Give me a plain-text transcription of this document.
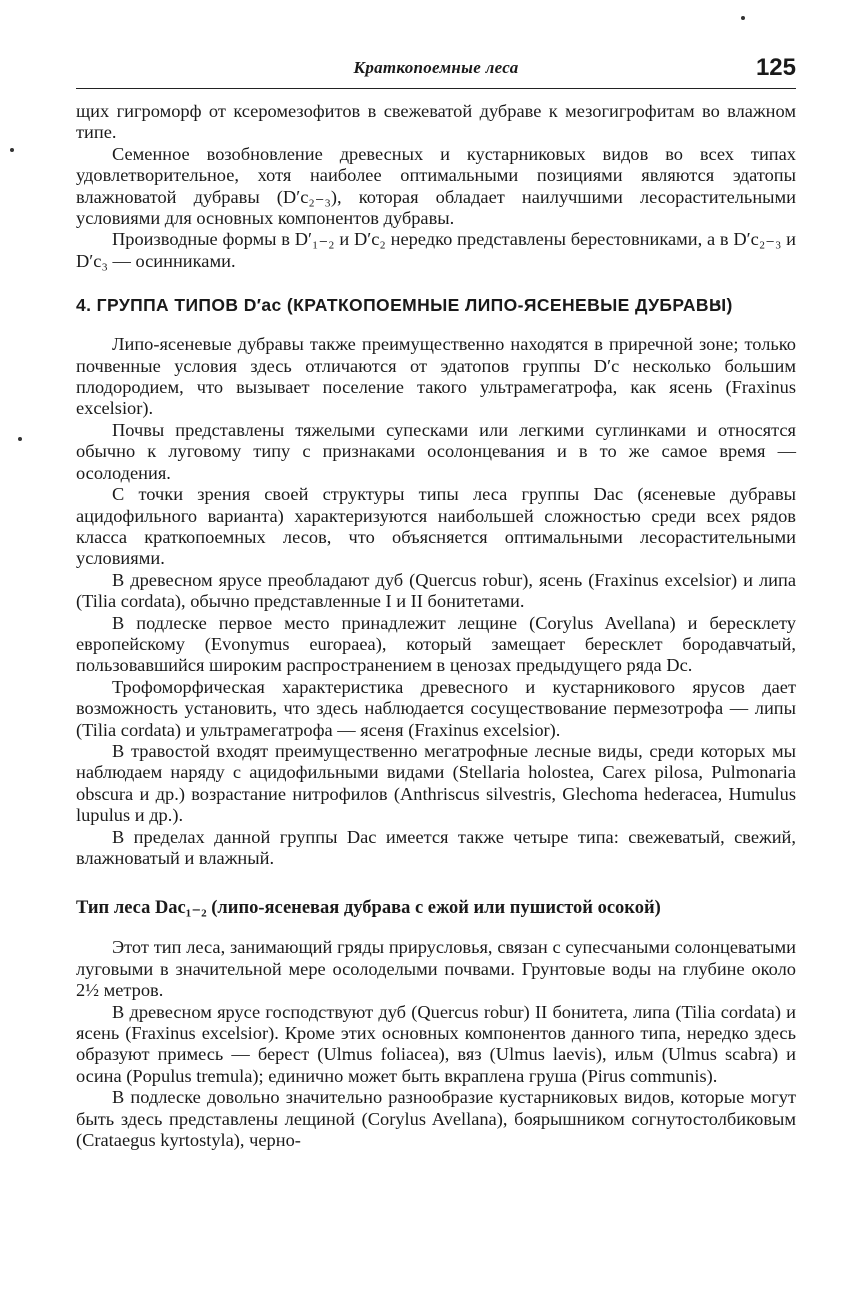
Краткопоемные леса	125

щих гигроморф от ксеромезофитов в свежеватой дубраве к мезогигрофитам во влажном типе.

Семенное возобновление древесных и кустарниковых видов во всех типах удовлетворительное, хотя наиболее оптимальными позициями являются эдатопы влажноватой дубравы (D′c₂₋₃), которая обладает наилучшими лесорастительными условиями для основных компонентов дубравы.

Производные формы в D′₁₋₂ и D′c₂ нередко представлены берестовниками, а в D′c₂₋₃ и D′c₃ — осинниками.

4. ГРУППА ТИПОВ D′ac (КРАТКОПОЕМНЫЕ ЛИПО-ЯСЕНЕВЫЕ ДУБРАВЫ)

Липо-ясеневые дубравы также преимущественно находятся в приречной зоне; только почвенные условия здесь отличаются от эдатопов группы D′c несколько большим плодородием, что вызывает поселение такого ультрамегатрофа, как ясень (Fraxinus excelsior).

Почвы представлены тяжелыми супесками или легкими суглинками и относятся обычно к луговому типу с признаками осолонцевания и в то же самое время — осолодения.

С точки зрения своей структуры типы леса группы Dac (ясеневые дубравы ацидофильного варианта) характеризуются наибольшей сложностью среди всех рядов класса краткопоемных лесов, что объясняется оптимальными лесорастительными условиями.

В древесном ярусе преобладают дуб (Quercus robur), ясень (Fraxinus excelsior) и липа (Tilia cordata), обычно представленные I и II бонитетами.

В подлеске первое место принадлежит лещине (Corylus Avellana) и бересклету европейскому (Evonymus europaea), который замещает бересклет бородавчатый, пользовавшийся широким распространением в ценозах предыдущего ряда Dc.

Трофоморфическая характеристика древесного и кустарникового ярусов дает возможность установить, что здесь наблюдается сосуществование пермезотрофа — липы (Tilia cordata) и ультрамегатрофа — ясеня (Fraxinus excelsior).

В травостой входят преимущественно мегатрофные лесные виды, среди которых мы наблюдаем наряду с ацидофильными видами (Stellaria holostea, Carex pilosa, Pulmonaria obscura и др.) возрастание нитрофилов (Anthriscus silvestris, Glechoma hederacea, Humulus lupulus и др.).

В пределах данной группы Dac имеется также четыре типа: свежеватый, свежий, влажноватый и влажный.

Тип леса Dac₁₋₂ (липо-ясеневая дубрава с ежой или пушистой осокой)

Этот тип леса, занимающий гряды прирусловья, связан с супесчаными солонцеватыми луговыми в значительной мере осолоделыми почвами. Грунтовые воды на глубине около 2½ метров.

В древесном ярусе господствуют дуб (Quercus robur) II бонитета, липа (Tilia cordata) и ясень (Fraxinus excelsior). Кроме этих основных компонентов данного типа, нередко здесь образуют примесь — берест (Ulmus foliacea), вяз (Ulmus laevis), ильм (Ulmus scabra) и осина (Populus tremula); единично может быть вкраплена груша (Pirus communis).

В подлеске довольно значительно разнообразие кустарниковых видов, которые могут быть здесь представлены лещиной (Corylus Avellana), боярышником согнутостолбиковым (Crataegus kyrtostyla), черно-
